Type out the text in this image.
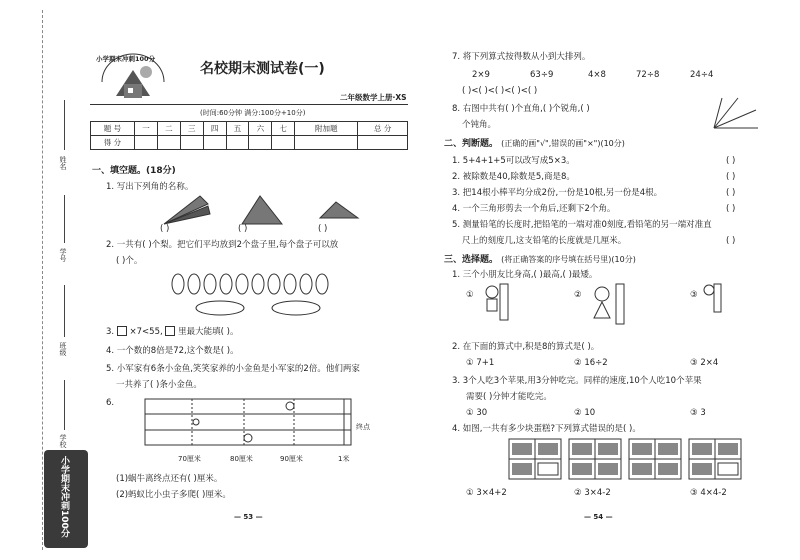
姓名
学号
班级
学校
小学期末冲刺100分
小学期末冲刺100分
名校期末测试卷(一)
二年级数学上册·XS
(时间:60分钟 满分:100分+10分)
题 号	一	二	三	四	五	六	七	附加题	总 分
得 分									
一、填空题。(18分)
1. 写出下列角的名称。
( )	( )	( )
2. 一共有( )个梨。把它们平均放到2个盘子里,每个盘子可以放
( )个。
3. ×7<55, 里最大能填( )。
4. 一个数的8倍是72,这个数是( )。
5. 小军家有6条小金鱼,笑笑家养的小金鱼是小军家的2倍。他们两家
一共养了( )条小金鱼。
6.
终点
70厘米	80厘米	90厘米	1米
(1)蜗牛离终点还有( )厘米。
(2)蚂蚁比小虫子多爬( )厘米。
— 53 —
7. 将下列算式按得数从小到大排列。
2×9	63÷9	4×8	72÷8	24÷4
( )<( )<( )<( )<( )
8. 右图中共有( )个直角,( )个锐角,( )
个钝角。
二、判断题。 (正确的画"√",错误的画"×")(10分)
1. 5+4+1+5可以改写成5×3。	( )
2. 被除数是40,除数是5,商是8。	( )
3. 把14根小棒平均分成2份,一份是10根,另一份是4根。	( )
4. 一个三角形剪去一个角后,还剩下2个角。	( )
5. 测量铅笔的长度时,把铅笔的一端对准0刻度,看铅笔的另一端对准直
尺上的刻度几,这支铅笔的长度就是几厘米。	( )
三、选择题。 (将正确答案的序号填在括号里)(10分)
1. 三个小朋友比身高,( )最高,( )最矮。
①	②	③
2. 在下面的算式中,积是8的算式是( )。
① 7+1	② 16÷2	③ 2×4
3. 3个人吃3个苹果,用3分钟吃完。同样的速度,10个人吃10个苹果
需要( )分钟才能吃完。
① 30	② 10	③ 3
4. 如图,一共有多少块蛋糕?下列算式错误的是( )。
① 3×4+2	② 3×4-2	③ 4×4-2
— 54 —
